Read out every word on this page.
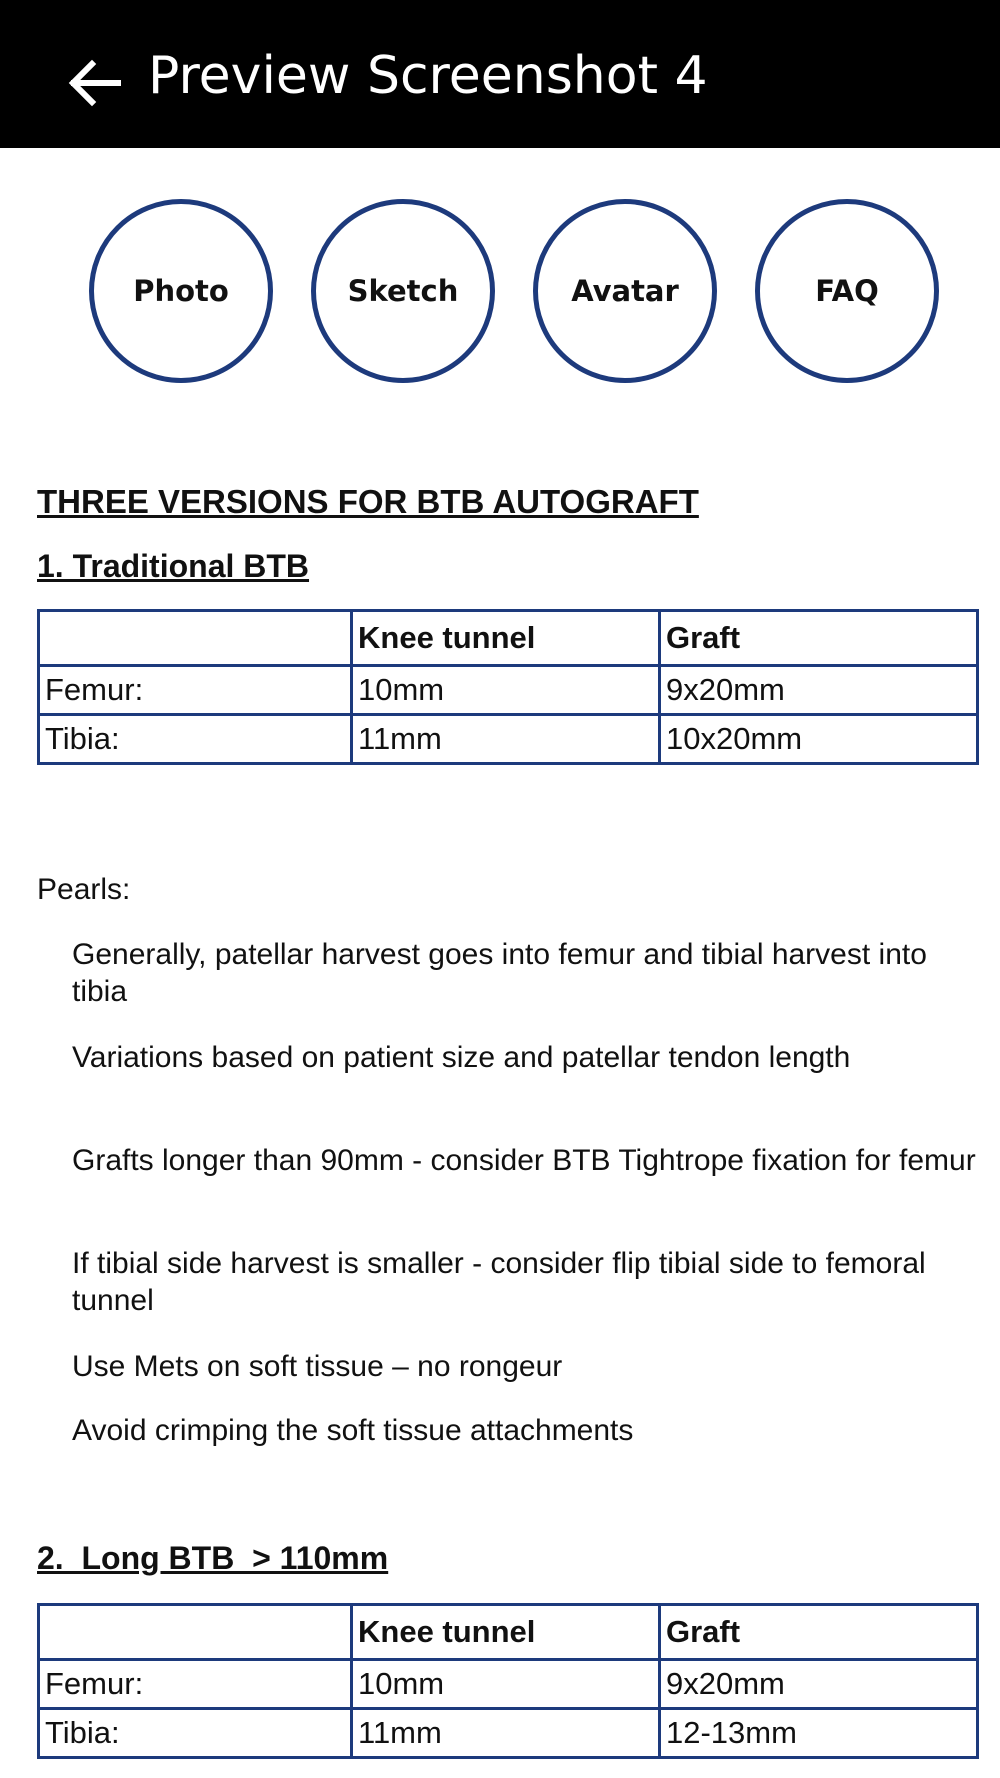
Preview Screenshot 4
Photo	Sketch	Avatar	FAQ
THREE VERSIONS FOR BTB AUTOGRAFT
1. Traditional BTB
	Knee tunnel	Graft
Femur:	10mm	9x20mm
Tibia:	11mm	10x20mm
Pearls:
Generally, patellar harvest goes into femur and tibial harvest into tibia
Variations based on patient size and patellar tendon length
Grafts longer than 90mm - consider BTB Tightrope fixation for femur
If tibial side harvest is smaller - consider flip tibial side to femoral tunnel
Use Mets on soft tissue – no rongeur
Avoid crimping the soft tissue attachments
2.  Long BTB  > 110mm
	Knee tunnel	Graft
Femur:	10mm	9x20mm
Tibia:	11mm	12-13mm
